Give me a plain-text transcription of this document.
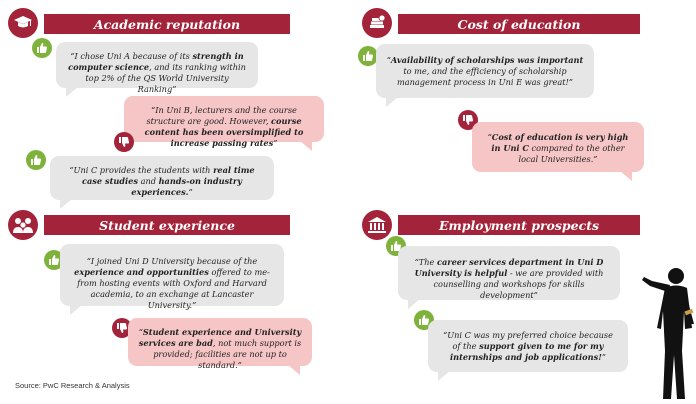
Academic reputation
“I chose Uni A because of its strength in computer science, and its ranking within top 2% of the QS World University Ranking”
“In Uni B, lecturers and the course structure are good. However, course content has been oversimplified to increase passing rates”
“Uni C provides the students with real time case studies and hands-on industry experiences.”
Cost of education
“Availability of scholarships was important to me, and the efficiency of scholarship management process in Uni E was great!”
“Cost of education is very high in Uni C compared to the other local Universities.”
Student experience
“I joined Uni D University because of the experience and opportunities offered to me- from hosting events with Oxford and Harvard academia, to an exchange at Lancaster University.”
“Student experience and University services are bad, not much support is provided; facilities are not up to standard.”
Employment prospects
“The career services department in Uni D University is helpful - we are provided with counselling and workshops for skills development”
“Uni C was my preferred choice because of the support given to me for my internships and job applications!”
Source: PwC Research & Analysis
